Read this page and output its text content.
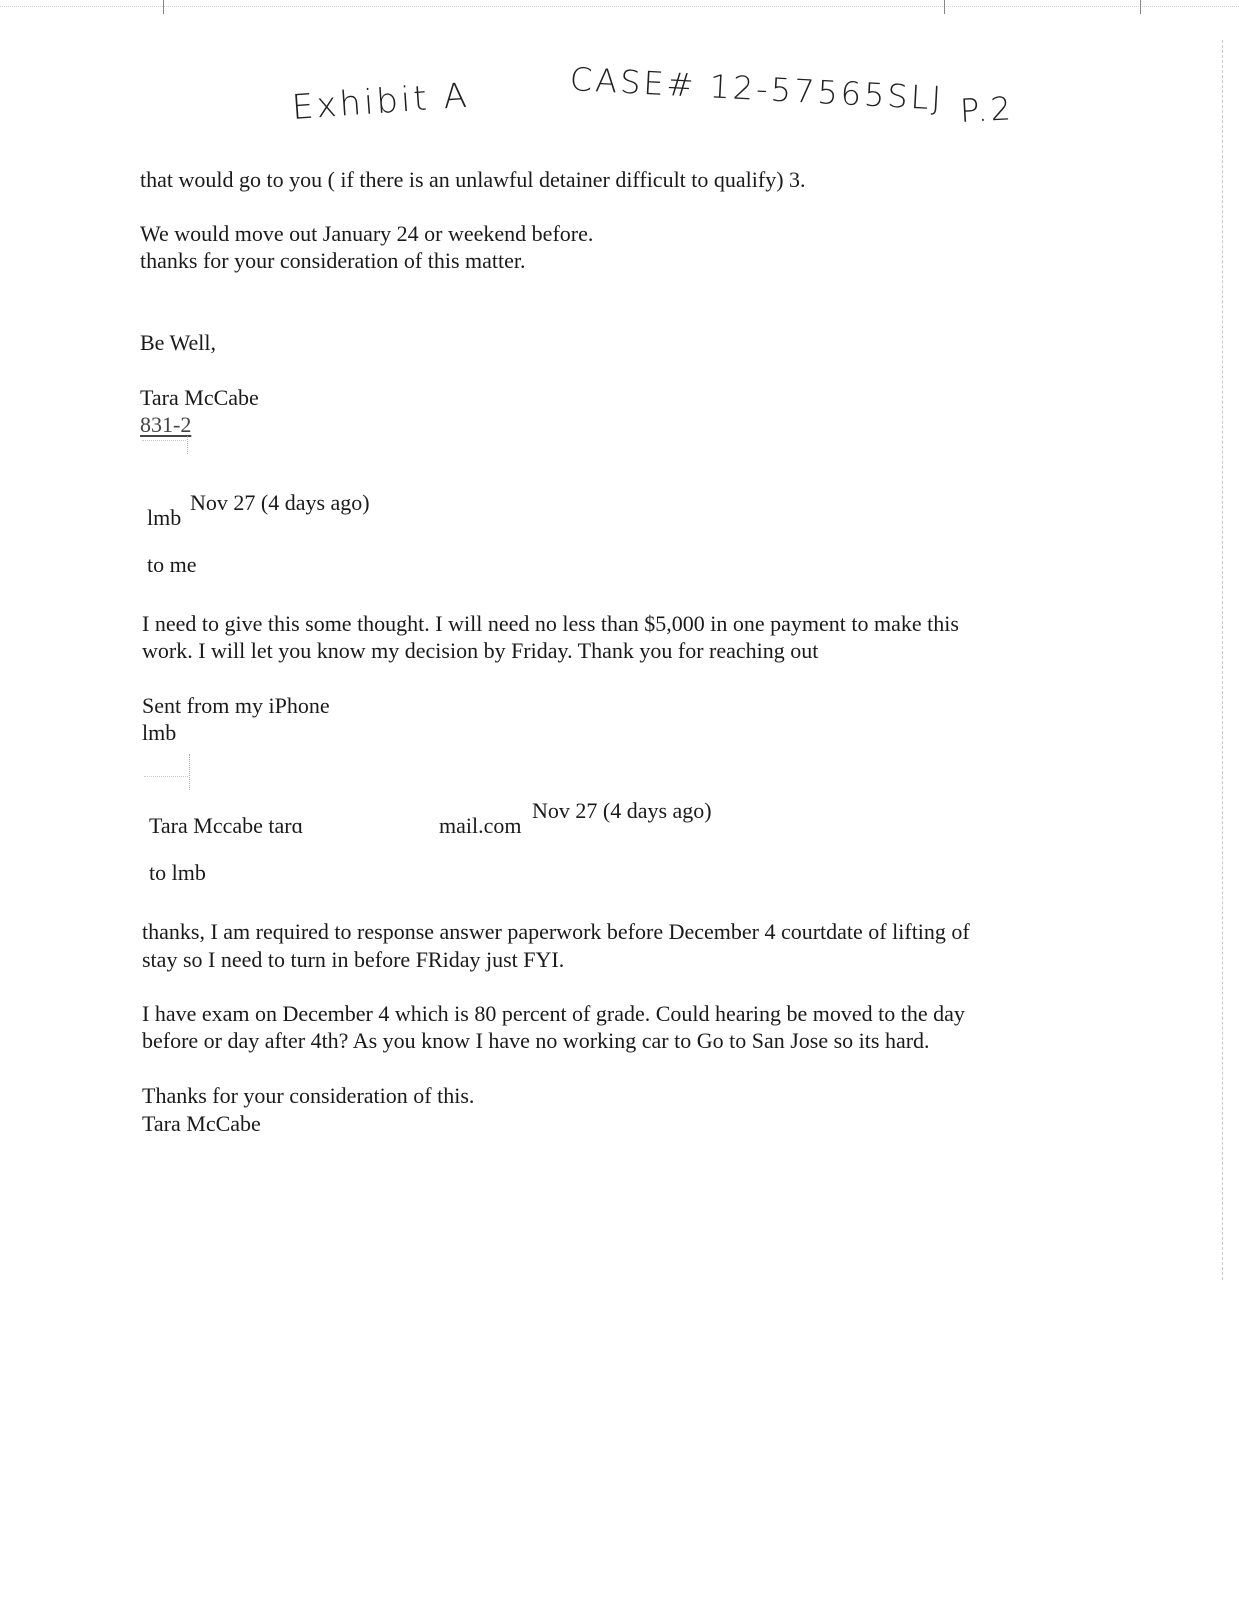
Exhibit A	CASE# 12-57565SLJ P.2
that would go to you ( if there is an unlawful detainer difficult to qualify) 3.
We would move out January 24 or weekend before.
thanks for your consideration of this matter.
Be Well,
Tara McCabe
831-2
lmb
Nov 27 (4 days ago)
to me
I need to give this some thought. I will need no less than $5,000 in one payment to make this
work. I will let you know my decision by Friday. Thank you for reaching out
Sent from my iPhone
lmb
Tara Mccabe tarɑ	mail.com
Nov 27 (4 days ago)
to lmb
thanks, I am required to response answer paperwork before December 4 courtdate of lifting of
stay so I need to turn in before FRiday just FYI.
I have exam on December 4 which is 80 percent of grade. Could hearing be moved to the day
before or day after 4th? As you know I have no working car to Go to San Jose so its hard.
Thanks for your consideration of this.
Tara McCabe
